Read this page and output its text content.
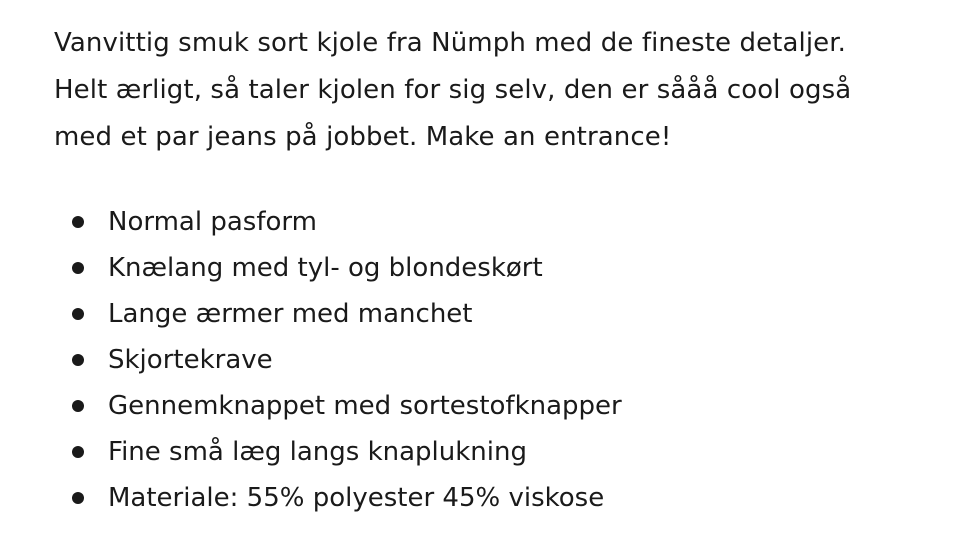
Vanvittig smuk sort kjole fra Nümph med de fineste detaljer.
Helt ærligt, så taler kjolen for sig selv, den er sååå cool også
med et par jeans på jobbet. Make an entrance!

Normal pasform
Knælang med tyl- og blondeskørt
Lange ærmer med manchet
Skjortekrave
Gennemknappet med sortestofknapper
Fine små læg langs knaplukning
Materiale: 55% polyester 45% viskose
